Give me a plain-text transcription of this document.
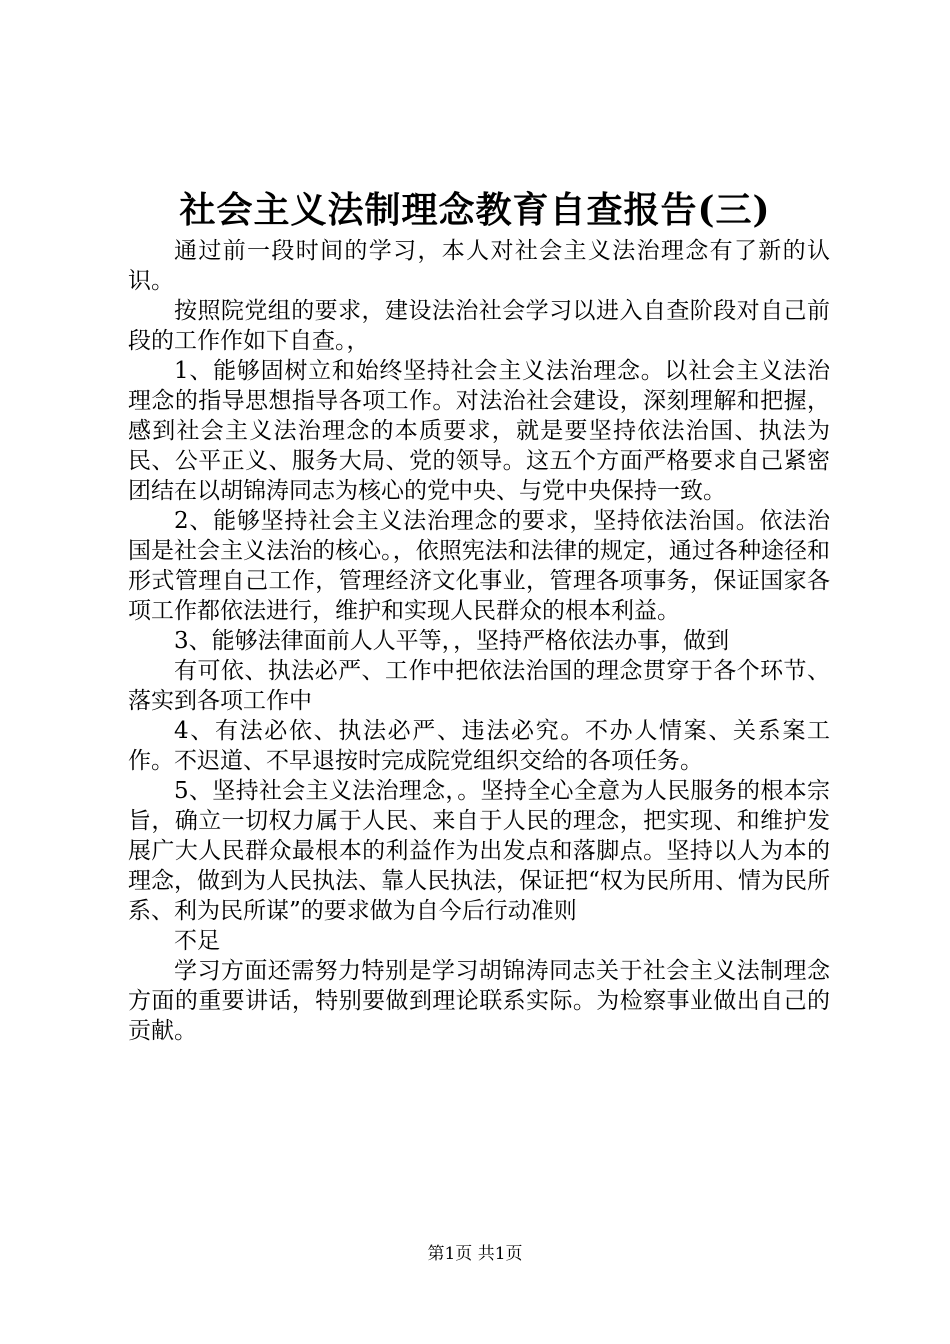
社会主义法制理念教育自查报告(三)

通过前一段时间的学习，本人对社会主义法治理念有了新的认识。

按照院党组的要求，建设法治社会学习以进入自查阶段对自己前段的工作作如下自查。，

1、能够固树立和始终坚持社会主义法治理念。以社会主义法治理念的指导思想指导各项工作。对法治社会建设，深刻理解和把握，感到社会主义法治理念的本质要求，就是要坚持依法治国、执法为民、公平正义、服务大局、党的领导。这五个方面严格要求自己紧密团结在以胡锦涛同志为核心的党中央、与党中央保持一致。

2、能够坚持社会主义法治理念的要求，坚持依法治国。依法治国是社会主义法治的核心。，依照宪法和法律的规定，通过各种途径和形式管理自己工作，管理经济文化事业，管理各项事务，保证国家各项工作都依法进行，维护和实现人民群众的根本利益。

3、能够法律面前人人平等，，坚持严格依法办事，做到

有可依、执法必严、工作中把依法治国的理念贯穿于各个环节、落实到各项工作中

4、有法必依、执法必严、违法必究。不办人情案、关系案工作。不迟道、不早退按时完成院党组织交给的各项任务。

5、坚持社会主义法治理念，。坚持全心全意为人民服务的根本宗旨，确立一切权力属于人民、来自于人民的理念，把实现、和维护发展广大人民群众最根本的利益作为出发点和落脚点。坚持以人为本的理念，做到为人民执法、靠人民执法，保证把“权为民所用、情为民所系、利为民所谋”的要求做为自今后行动准则

不足

学习方面还需努力特别是学习胡锦涛同志关于社会主义法制理念方面的重要讲话，特别要做到理论联系实际。为检察事业做出自己的贡献。

第1页 共1页
